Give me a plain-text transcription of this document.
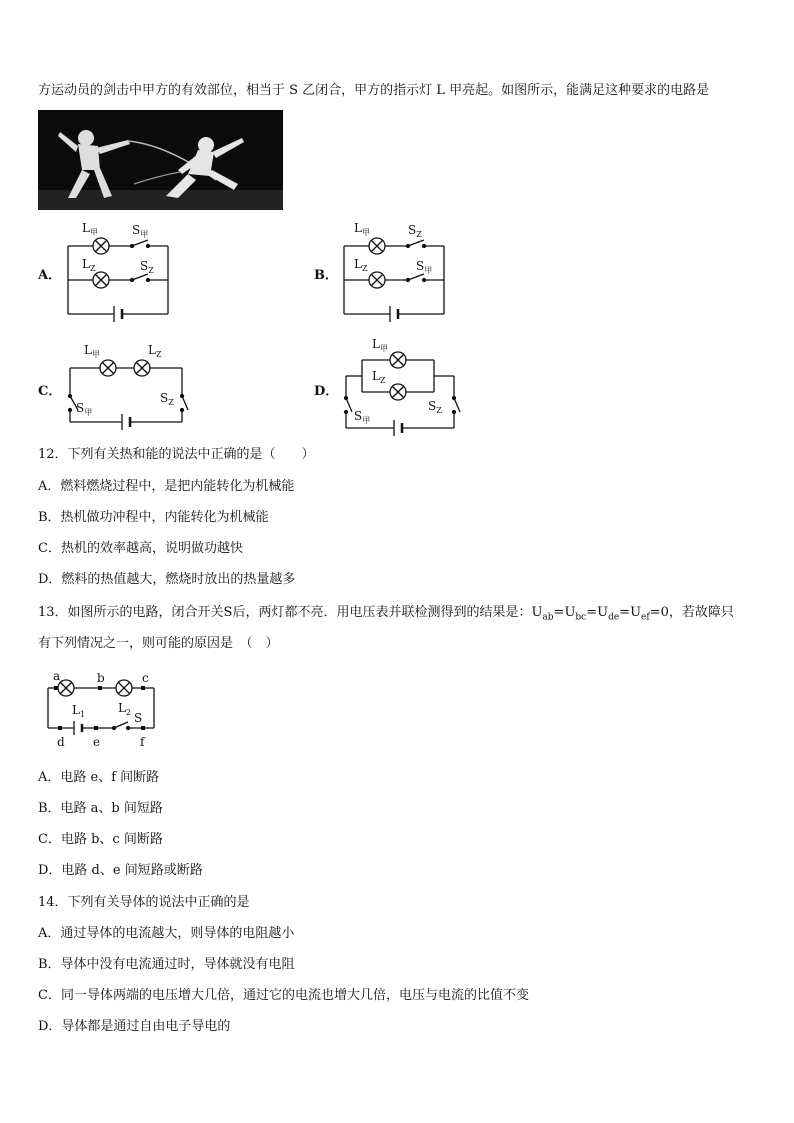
方运动员的剑击中甲方的有效部位，相当于 S 乙闭合，甲方的指示灯 L 甲亮起。如图所示，能满足这种要求的电路是
A．	B．
C．	D．
$L_甲$	$S_甲$
$L_Z$	$S_Z$
$L_甲$	$S_Z$
$L_Z$	$S_甲$
$L_甲$	$L_Z$
$S_甲$
$S_Z$
$L_甲$
$L_Z$
$S_甲$
$S_Z$
12．下列有关热和能的说法中正确的是（　　）
A．燃料燃烧过程中，是把内能转化为机械能
B．热机做功冲程中，内能转化为机械能
C．热机的效率越高，说明做功越快
D．燃料的热值越大，燃烧时放出的热量越多
13．如图所示的电路，闭合开关S后，两灯都不亮．用电压表并联检测得到的结果是：$U_{ab}=U_{bc}=U_{de}=U_{ef}=0$，若故障只
有下列情况之一，则可能的原因是　（　）
a	b	c
d e	f
$L_1$	$L_2$ S
A．电路 e、f 间断路
B．电路 a、b 间短路
C．电路 b、c 间断路
D．电路 d、e 间短路或断路
14．下列有关导体的说法中正确的是
A．通过导体的电流越大，则导体的电阻越小
B．导体中没有电流通过时，导体就没有电阻
C．同一导体两端的电压增大几倍，通过它的电流也增大几倍，电压与电流的比值不变
D．导体都是通过自由电子导电的
